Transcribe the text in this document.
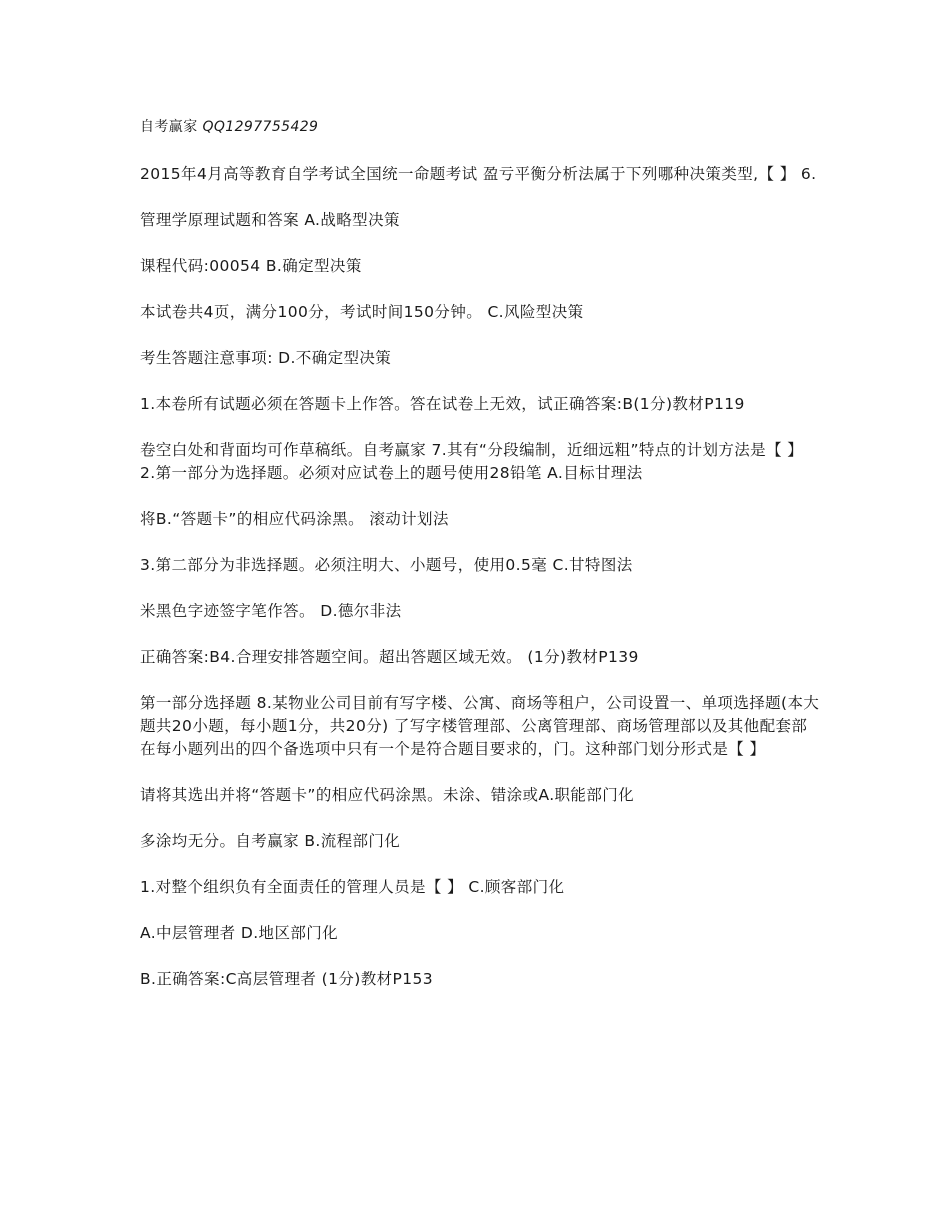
自考赢家 QQ1297755429

2015年4月高等教育自学考试全国统一命题考试 盈亏平衡分析法属于下列哪种决策类型,【 】 6.

管理学原理试题和答案 A.战略型决策

课程代码:00054 B.确定型决策

本试卷共4页，满分100分，考试时间150分钟。 C.风险型决策

考生答题注意事项: D.不确定型决策

1.本卷所有试题必须在答题卡上作答。答在试卷上无效，试正确答案:B(1分)教材P119

卷空白处和背面均可作草稿纸。自考赢家 7.其有“分段编制，近细远粗”特点的计划方法是【 】 2.第一部分为选择题。必须对应试卷上的题号使用28铅笔 A.目标甘理法

将B.“答题卡”的相应代码涂黑。 滚动计划法

3.第二部分为非选择题。必须注明大、小题号，使用0.5毫 C.甘特图法

米黑色字迹签字笔作答。 D.德尔非法

正确答案:B4.合理安排答题空间。超出答题区域无效。 (1分)教材P139

第一部分选择题 8.某物业公司目前有写字楼、公寓、商场等租户，公司设置一、单项选择题(本大题共20小题，每小题1分，共20分) 了写字楼管理部、公离管理部、商场管理部以及其他配套部在每小题列出的四个备选项中只有一个是符合题目要求的，门。这种部门划分形式是【 】

请将其选出并将“答题卡”的相应代码涂黑。未涂、错涂或A.职能部门化

多涂均无分。自考赢家 B.流程部门化

1.对整个组织负有全面责任的管理人员是【 】 C.顾客部门化

A.中层管理者 D.地区部门化

B.正确答案:C高层管理者 (1分)教材P153
